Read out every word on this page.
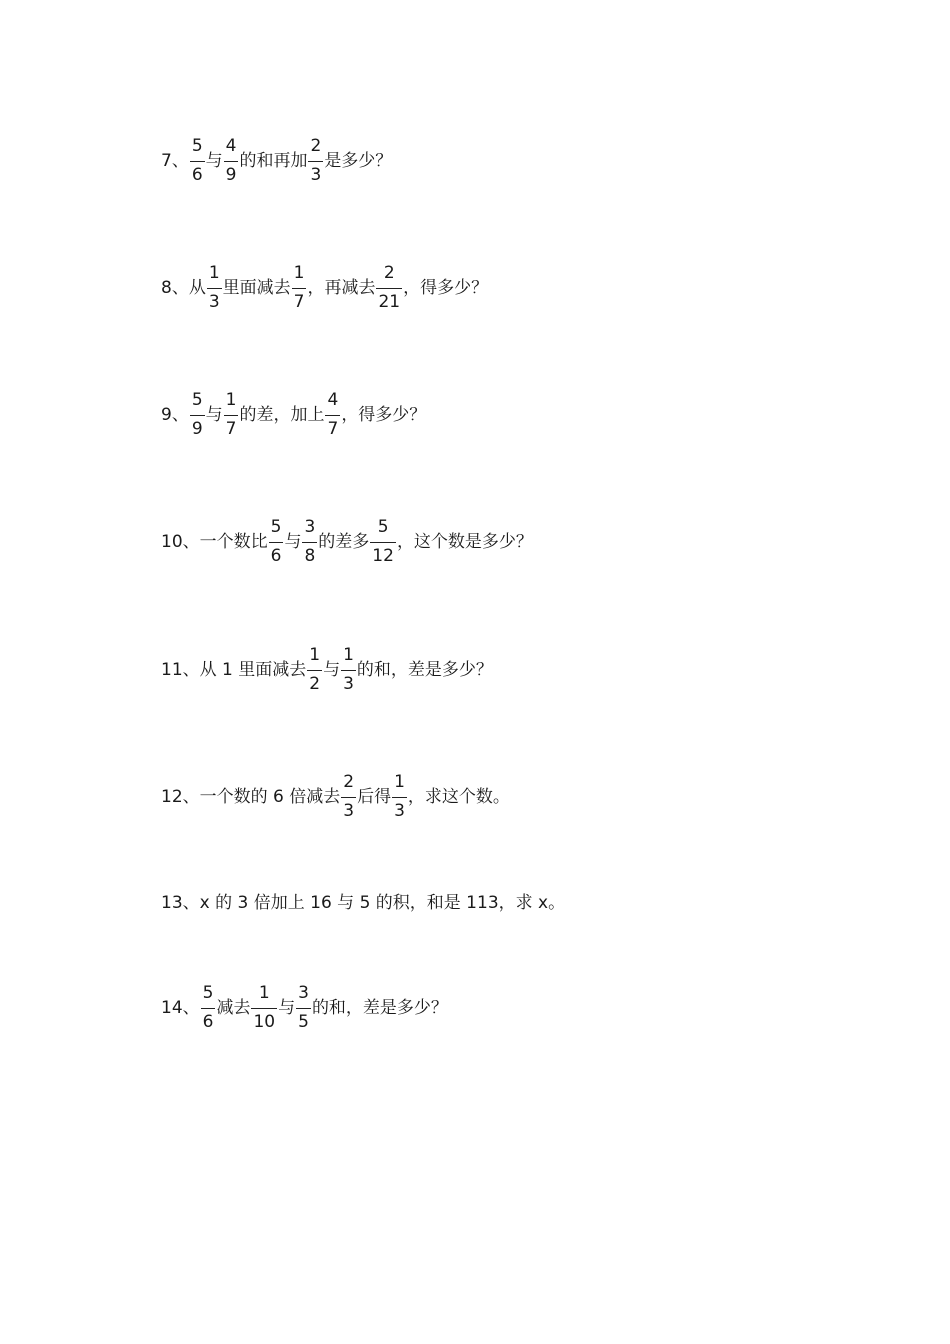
7、 $\frac{5}{6}$ 与 $\frac{4}{9}$ 的和再加 $\frac{2}{3}$ 是多少？
8、从 $\frac{1}{3}$ 里面减去 $\frac{1}{7}$ ，再减去 $\frac{2}{21}$ ，得多少？
9、 $\frac{5}{9}$ 与 $\frac{1}{7}$ 的差，加上 $\frac{4}{7}$ ，得多少？
10、一个数比 $\frac{5}{6}$ 与 $\frac{3}{8}$ 的差多 $\frac{5}{12}$ ，这个数是多少？
11、从 1 里面减去 $\frac{1}{2}$ 与 $\frac{1}{3}$ 的和，差是多少？
12、一个数的 6 倍减去 $\frac{2}{3}$ 后得 $\frac{1}{3}$ ，求这个数。
13、x 的 3 倍加上 16 与 5 的积，和是 113，求 x。
14、 $\frac{5}{6}$ 减去 $\frac{1}{10}$ 与 $\frac{3}{5}$ 的和，差是多少？
